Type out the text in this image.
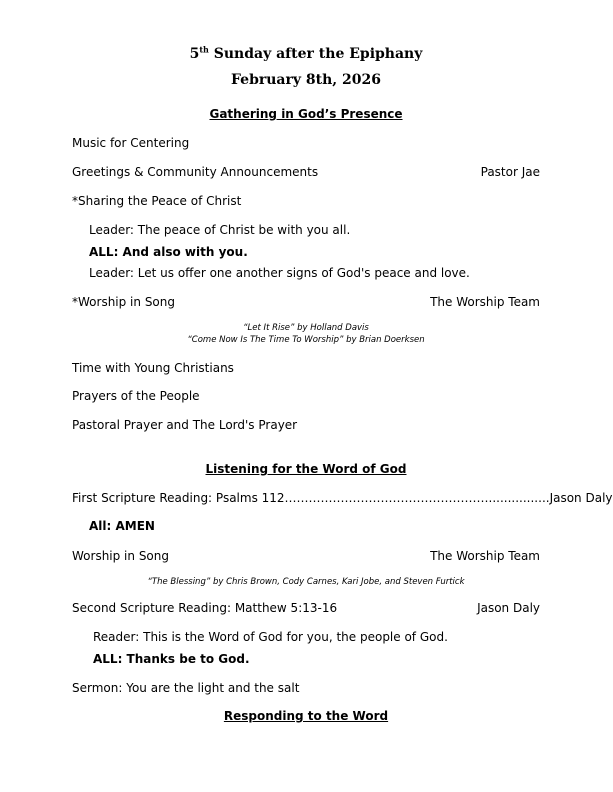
5th Sunday after the Epiphany
February 8th, 2026
Gathering in God’s Presence
Music for Centering
Greetings & Community Announcements	Pastor Jae
*Sharing the Peace of Christ
Leader: The peace of Christ be with you all.
ALL: And also with you.
Leader: Let us offer one another signs of God's peace and love.
*Worship in Song	The Worship Team
“Let It Rise” by Holland Davis
“Come Now Is The Time To Worship” by Brian Doerksen
Time with Young Christians
Prayers of the People
Pastoral Prayer and The Lord's Prayer
Listening for the Word of God
First Scripture Reading: Psalms 112……………………………………………................Jason Daly
All: AMEN
Worship in Song	The Worship Team
“The Blessing” by Chris Brown, Cody Carnes, Kari Jobe, and Steven Furtick
Second Scripture Reading: Matthew 5:13-16	Jason Daly
Reader: This is the Word of God for you, the people of God.
ALL: Thanks be to God.
Sermon: You are the light and the salt
Responding to the Word
